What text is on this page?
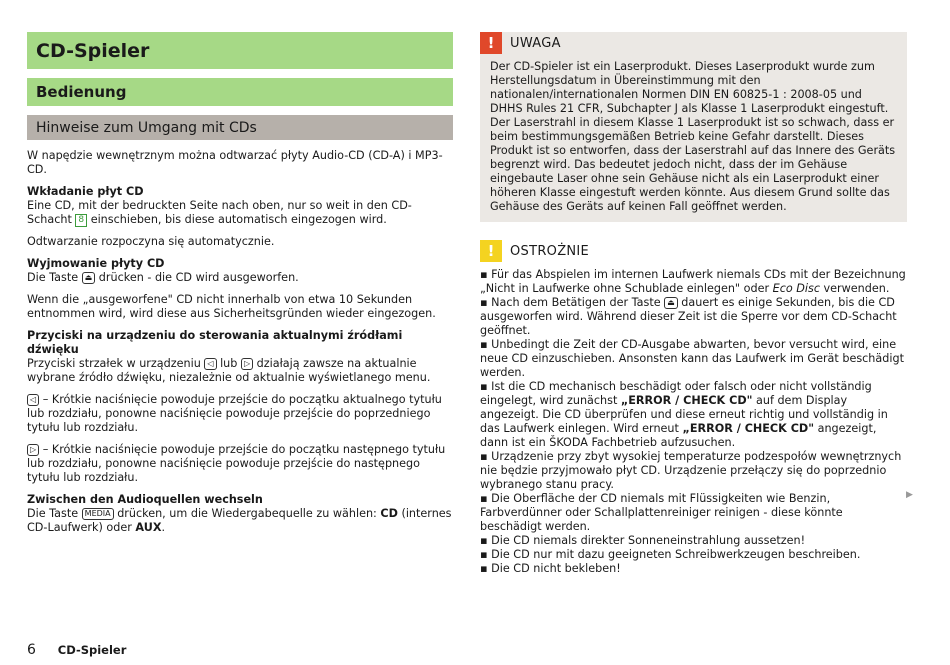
CD-Spieler
Bedienung
Hinweise zum Umgang mit CDs

W napędzie wewnętrznym można odtwarzać płyty Audio-CD (CD-A) i MP3-CD.

Wkładanie płyt CD

Eine CD, mit der bedruckten Seite nach oben, nur so weit in den CD-Schacht 8 einschieben, bis diese automatisch eingezogen wird.

Odtwarzanie rozpoczyna się automatycznie.

Wyjmowanie płyty CD

Die Taste ⏏ drücken - die CD wird ausgeworfen.

Wenn die „ausgeworfene" CD nicht innerhalb von etwa 10 Sekunden entnommen wird, wird diese aus Sicherheitsgründen wieder eingezogen.

Przyciski na urządzeniu do sterowania aktualnymi źródłami dźwięku

Przyciski strzałek w urządzeniu ◁ lub ▷ działają zawsze na aktualnie wybrane źródło dźwięku, niezależnie od aktualnie wyświetlanego menu.

◁ – Krótkie naciśnięcie powoduje przejście do początku aktualnego tytułu lub rozdziału, ponowne naciśnięcie powoduje przejście do poprzedniego tytułu lub rozdziału.

▷ – Krótkie naciśnięcie powoduje przejście do początku następnego tytułu lub rozdziału, ponowne naciśnięcie powoduje przejście do następnego tytułu lub rozdziału.

Zwischen den Audioquellen wechseln

Die Taste MEDIA drücken, um die Wiedergabequelle zu wählen: CD (internes CD-Laufwerk) oder AUX.

!	UWAGA
Der CD-Spieler ist ein Laserprodukt. Dieses Laserprodukt wurde zum Herstellungsdatum in Übereinstimmung mit den nationalen/internationalen Normen DIN EN 60825-1 : 2008-05 und DHHS Rules 21 CFR, Subchapter J als Klasse 1 Laserprodukt eingestuft. Der Laserstrahl in diesem Klasse 1 Laserprodukt ist so schwach, dass er beim bestimmungsgemäßen Betrieb keine Gefahr darstellt. Dieses Produkt ist so entworfen, dass der Laserstrahl auf das Innere des Geräts begrenzt wird. Das bedeutet jedoch nicht, dass der im Gehäuse eingebaute Laser ohne sein Gehäuse nicht als ein Laserprodukt einer höheren Klasse eingestuft werden könnte. Aus diesem Grund sollte das Gehäuse des Geräts auf keinen Fall geöffnet werden.
!	OSTROŻNIE
▪ Für das Abspielen im internen Laufwerk niemals CDs mit der Bezeichnung „Nicht in Laufwerke ohne Schublade einlegen" oder Eco Disc verwenden.
▪ Nach dem Betätigen der Taste ⏏ dauert es einige Sekunden, bis die CD ausgeworfen wird. Während dieser Zeit ist die Sperre vor dem CD-Schacht geöffnet.
▪ Unbedingt die Zeit der CD-Ausgabe abwarten, bevor versucht wird, eine neue CD einzuschieben. Ansonsten kann das Laufwerk im Gerät beschädigt werden.
▪ Ist die CD mechanisch beschädigt oder falsch oder nicht vollständig eingelegt, wird zunächst „ERROR / CHECK CD" auf dem Display angezeigt. Die CD überprüfen und diese erneut richtig und vollständig in das Laufwerk einlegen. Wird erneut „ERROR / CHECK CD" angezeigt, dann ist ein ŠKODA Fachbetrieb aufzusuchen.
▪ Urządzenie przy zbyt wysokiej temperaturze podzespołów wewnętrznych nie będzie przyjmowało płyt CD. Urządzenie przełączy się do poprzednio wybranego stanu pracy.
▪ Die Oberfläche der CD niemals mit Flüssigkeiten wie Benzin, Farbverdünner oder Schallplattenreiniger reinigen - diese könnte beschädigt werden.
▪ Die CD niemals direkter Sonneneinstrahlung aussetzen!
▪ Die CD nur mit dazu geeigneten Schreibwerkzeugen beschreiben.
▪ Die CD nicht bekleben!
▶
6 CD-Spieler
